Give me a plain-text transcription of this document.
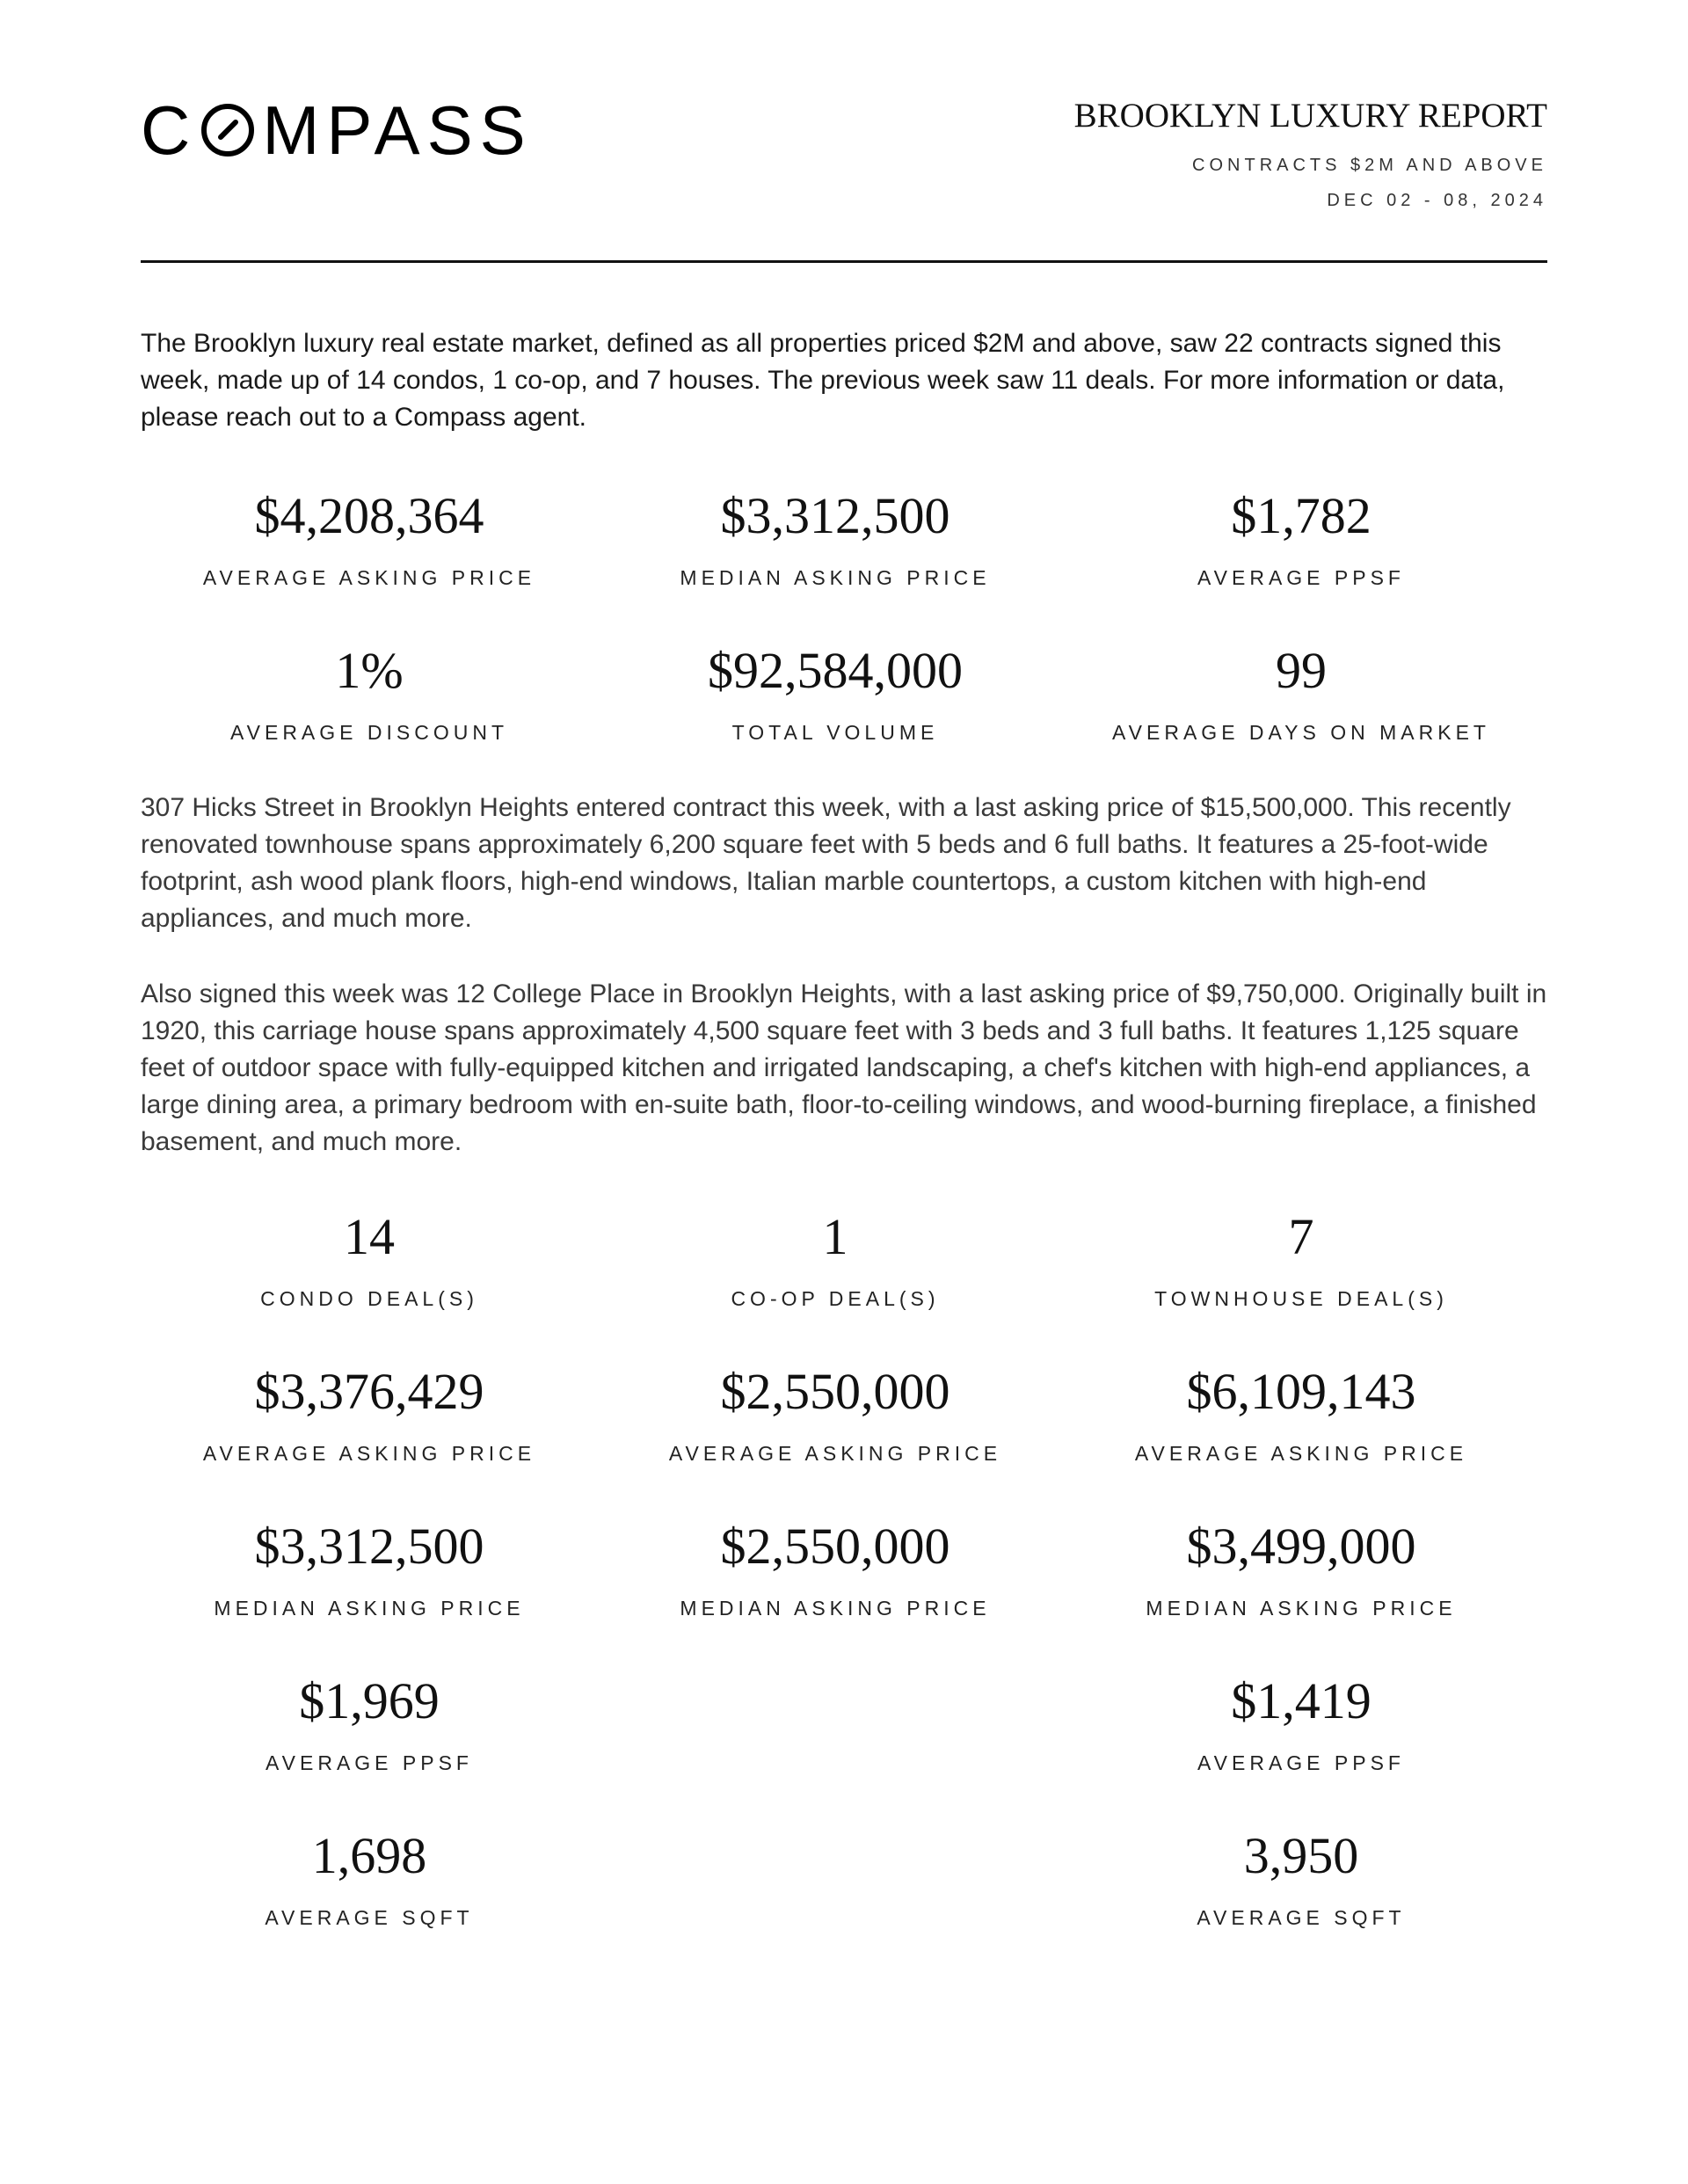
C MPASS	BROOKLYN LUXURY REPORT
CONTRACTS $2M AND ABOVE
DEC 02 - 08, 2024

The Brooklyn luxury real estate market, defined as all properties priced $2M and above, saw 22 contracts signed this week, made up of 14 condos, 1 co-op, and 7 houses. The previous week saw 11 deals. For more information or data, please reach out to a Compass agent.

$4,208,364
AVERAGE ASKING PRICE
$3,312,500
MEDIAN ASKING PRICE
$1,782
AVERAGE PPSF
1%
AVERAGE DISCOUNT
$92,584,000
TOTAL VOLUME
99
AVERAGE DAYS ON MARKET

307 Hicks Street in Brooklyn Heights entered contract this week, with a last asking price of $15,500,000. This recently renovated townhouse spans approximately 6,200 square feet with 5 beds and 6 full baths. It features a 25-foot-wide footprint, ash wood plank floors, high-end windows, Italian marble countertops, a custom kitchen with high-end appliances, and much more.

Also signed this week was 12 College Place in Brooklyn Heights, with a last asking price of $9,750,000. Originally built in 1920, this carriage house spans approximately 4,500 square feet with 3 beds and 3 full baths. It features 1,125 square feet of outdoor space with fully-equipped kitchen and irrigated landscaping, a chef's kitchen with high-end appliances, a large dining area, a primary bedroom with en-suite bath, floor-to-ceiling windows, and wood-burning fireplace, a finished basement, and much more.

14
CONDO DEAL(S)
1
CO-OP DEAL(S)
7
TOWNHOUSE DEAL(S)
$3,376,429
AVERAGE ASKING PRICE
$2,550,000
AVERAGE ASKING PRICE
$6,109,143
AVERAGE ASKING PRICE
$3,312,500
MEDIAN ASKING PRICE
$2,550,000
MEDIAN ASKING PRICE
$3,499,000
MEDIAN ASKING PRICE
$1,969
AVERAGE PPSF
$1,419
AVERAGE PPSF
1,698
AVERAGE SQFT
3,950
AVERAGE SQFT
